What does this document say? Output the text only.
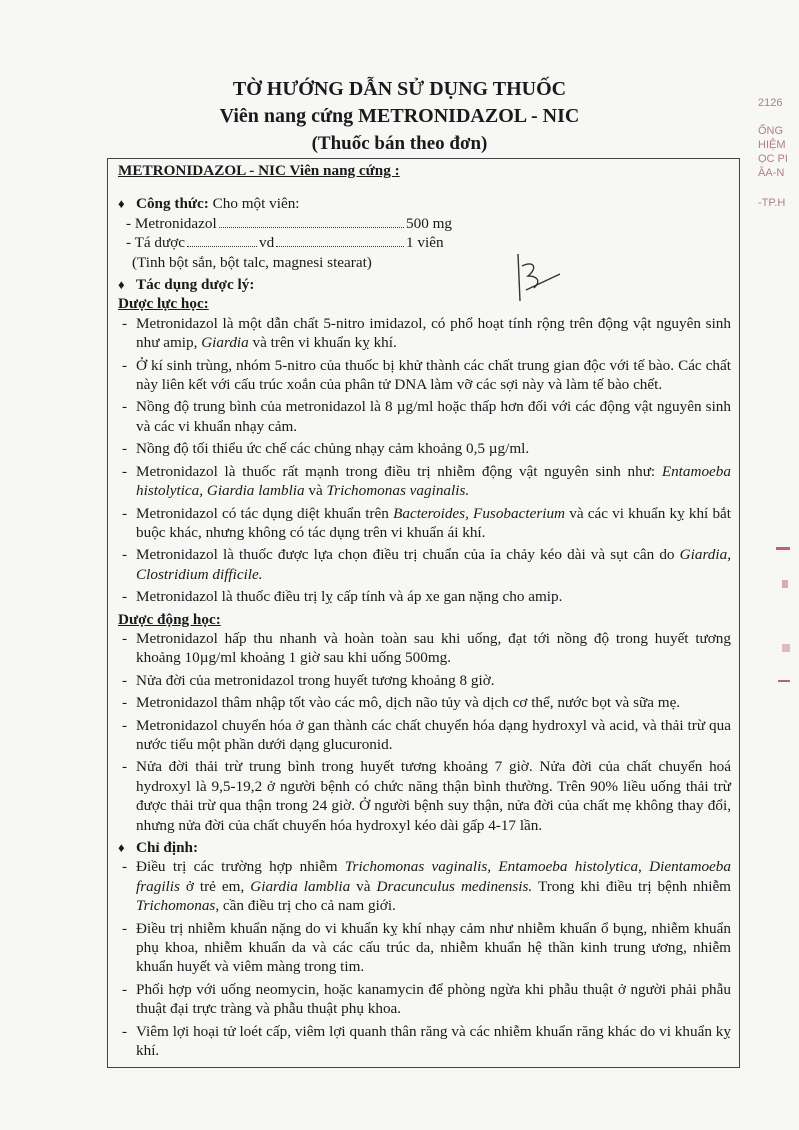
TỜ HƯỚNG DẪN SỬ DỤNG THUỐC
Viên nang cứng METRONIDAZOL - NIC
(Thuốc bán theo đơn)
2126
ỐNG
HIỆM
ỌC PI
ĂA-N
-TP.H
METRONIDAZOL - NIC Viên nang cứng :
♦ Công thức: Cho một viên:
- Metronidazol	500 mg
- Tá dược	vd	1 viên
(Tinh bột sắn, bột talc, magnesi stearat)
♦ Tác dụng dược lý:
Dược lực học:
- Metronidazol là một dẫn chất 5-nitro imidazol, có phổ hoạt tính rộng trên động vật nguyên sinh như amip, Giardia và trên vi khuẩn kỵ khí.
- Ở kí sinh trùng, nhóm 5-nitro của thuốc bị khử thành các chất trung gian độc với tế bào. Các chất này liên kết với cấu trúc xoắn của phân tử DNA làm vỡ các sợi này và làm tế bào chết.
- Nồng độ trung bình của metronidazol là 8 µg/ml hoặc thấp hơn đối với các động vật nguyên sinh và các vi khuẩn nhạy cảm.
- Nồng độ tối thiểu ức chế các chủng nhạy cảm khoảng 0,5 µg/ml.
- Metronidazol là thuốc rất mạnh trong điều trị nhiễm động vật nguyên sinh như: Entamoeba histolytica, Giardia lamblia và Trichomonas vaginalis.
- Metronidazol có tác dụng diệt khuẩn trên Bacteroides, Fusobacterium và các vi khuẩn kỵ khí bắt buộc khác, nhưng không có tác dụng trên vi khuẩn ái khí.
- Metronidazol là thuốc được lựa chọn điều trị chuẩn của ỉa chảy kéo dài và sụt cân do Giardia, Clostridium difficile.
- Metronidazol là thuốc điều trị lỵ cấp tính và áp xe gan nặng cho amip.
Dược động học:
- Metronidazol hấp thu nhanh và hoàn toàn sau khi uống, đạt tới nồng độ trong huyết tương khoảng 10µg/ml khoảng 1 giờ sau khi uống 500mg.
- Nửa đời của metronidazol trong huyết tương khoảng 8 giờ.
- Metronidazol thâm nhập tốt vào các mô, dịch não tủy và dịch cơ thể, nước bọt và sữa mẹ.
- Metronidazol chuyển hóa ở gan thành các chất chuyển hóa dạng hydroxyl và acid, và thải trừ qua nước tiểu một phần dưới dạng glucuronid.
- Nửa đời thải trừ trung bình trong huyết tương khoảng 7 giờ. Nửa đời của chất chuyển hoá hydroxyl là 9,5-19,2 ở người bệnh có chức năng thận bình thường. Trên 90% liều uống thải trừ được thải trừ qua thận trong 24 giờ. Ở người bệnh suy thận, nửa đời của chất mẹ không thay đổi, nhưng nửa đời của chất chuyển hóa hydroxyl kéo dài gấp 4-17 lần.
♦ Chỉ định:
- Điều trị các trường hợp nhiễm Trichomonas vaginalis, Entamoeba histolytica, Dientamoeba fragilis ở trẻ em, Giardia lamblia và Dracunculus medinensis. Trong khi điều trị bệnh nhiễm Trichomonas, cần điều trị cho cả nam giới.
- Điều trị nhiễm khuẩn nặng do vi khuẩn kỵ khí nhạy cảm như nhiễm khuẩn ổ bụng, nhiễm khuẩn phụ khoa, nhiễm khuẩn da và các cấu trúc da, nhiễm khuẩn hệ thần kinh trung ương, nhiễm khuẩn huyết và viêm màng trong tim.
- Phối hợp với uống neomycin, hoặc kanamycin để phòng ngừa khi phẫu thuật ở người phải phẫu thuật đại trực tràng và phẫu thuật phụ khoa.
- Viêm lợi hoại tử loét cấp, viêm lợi quanh thân răng và các nhiễm khuẩn răng khác do vi khuẩn kỵ khí.
